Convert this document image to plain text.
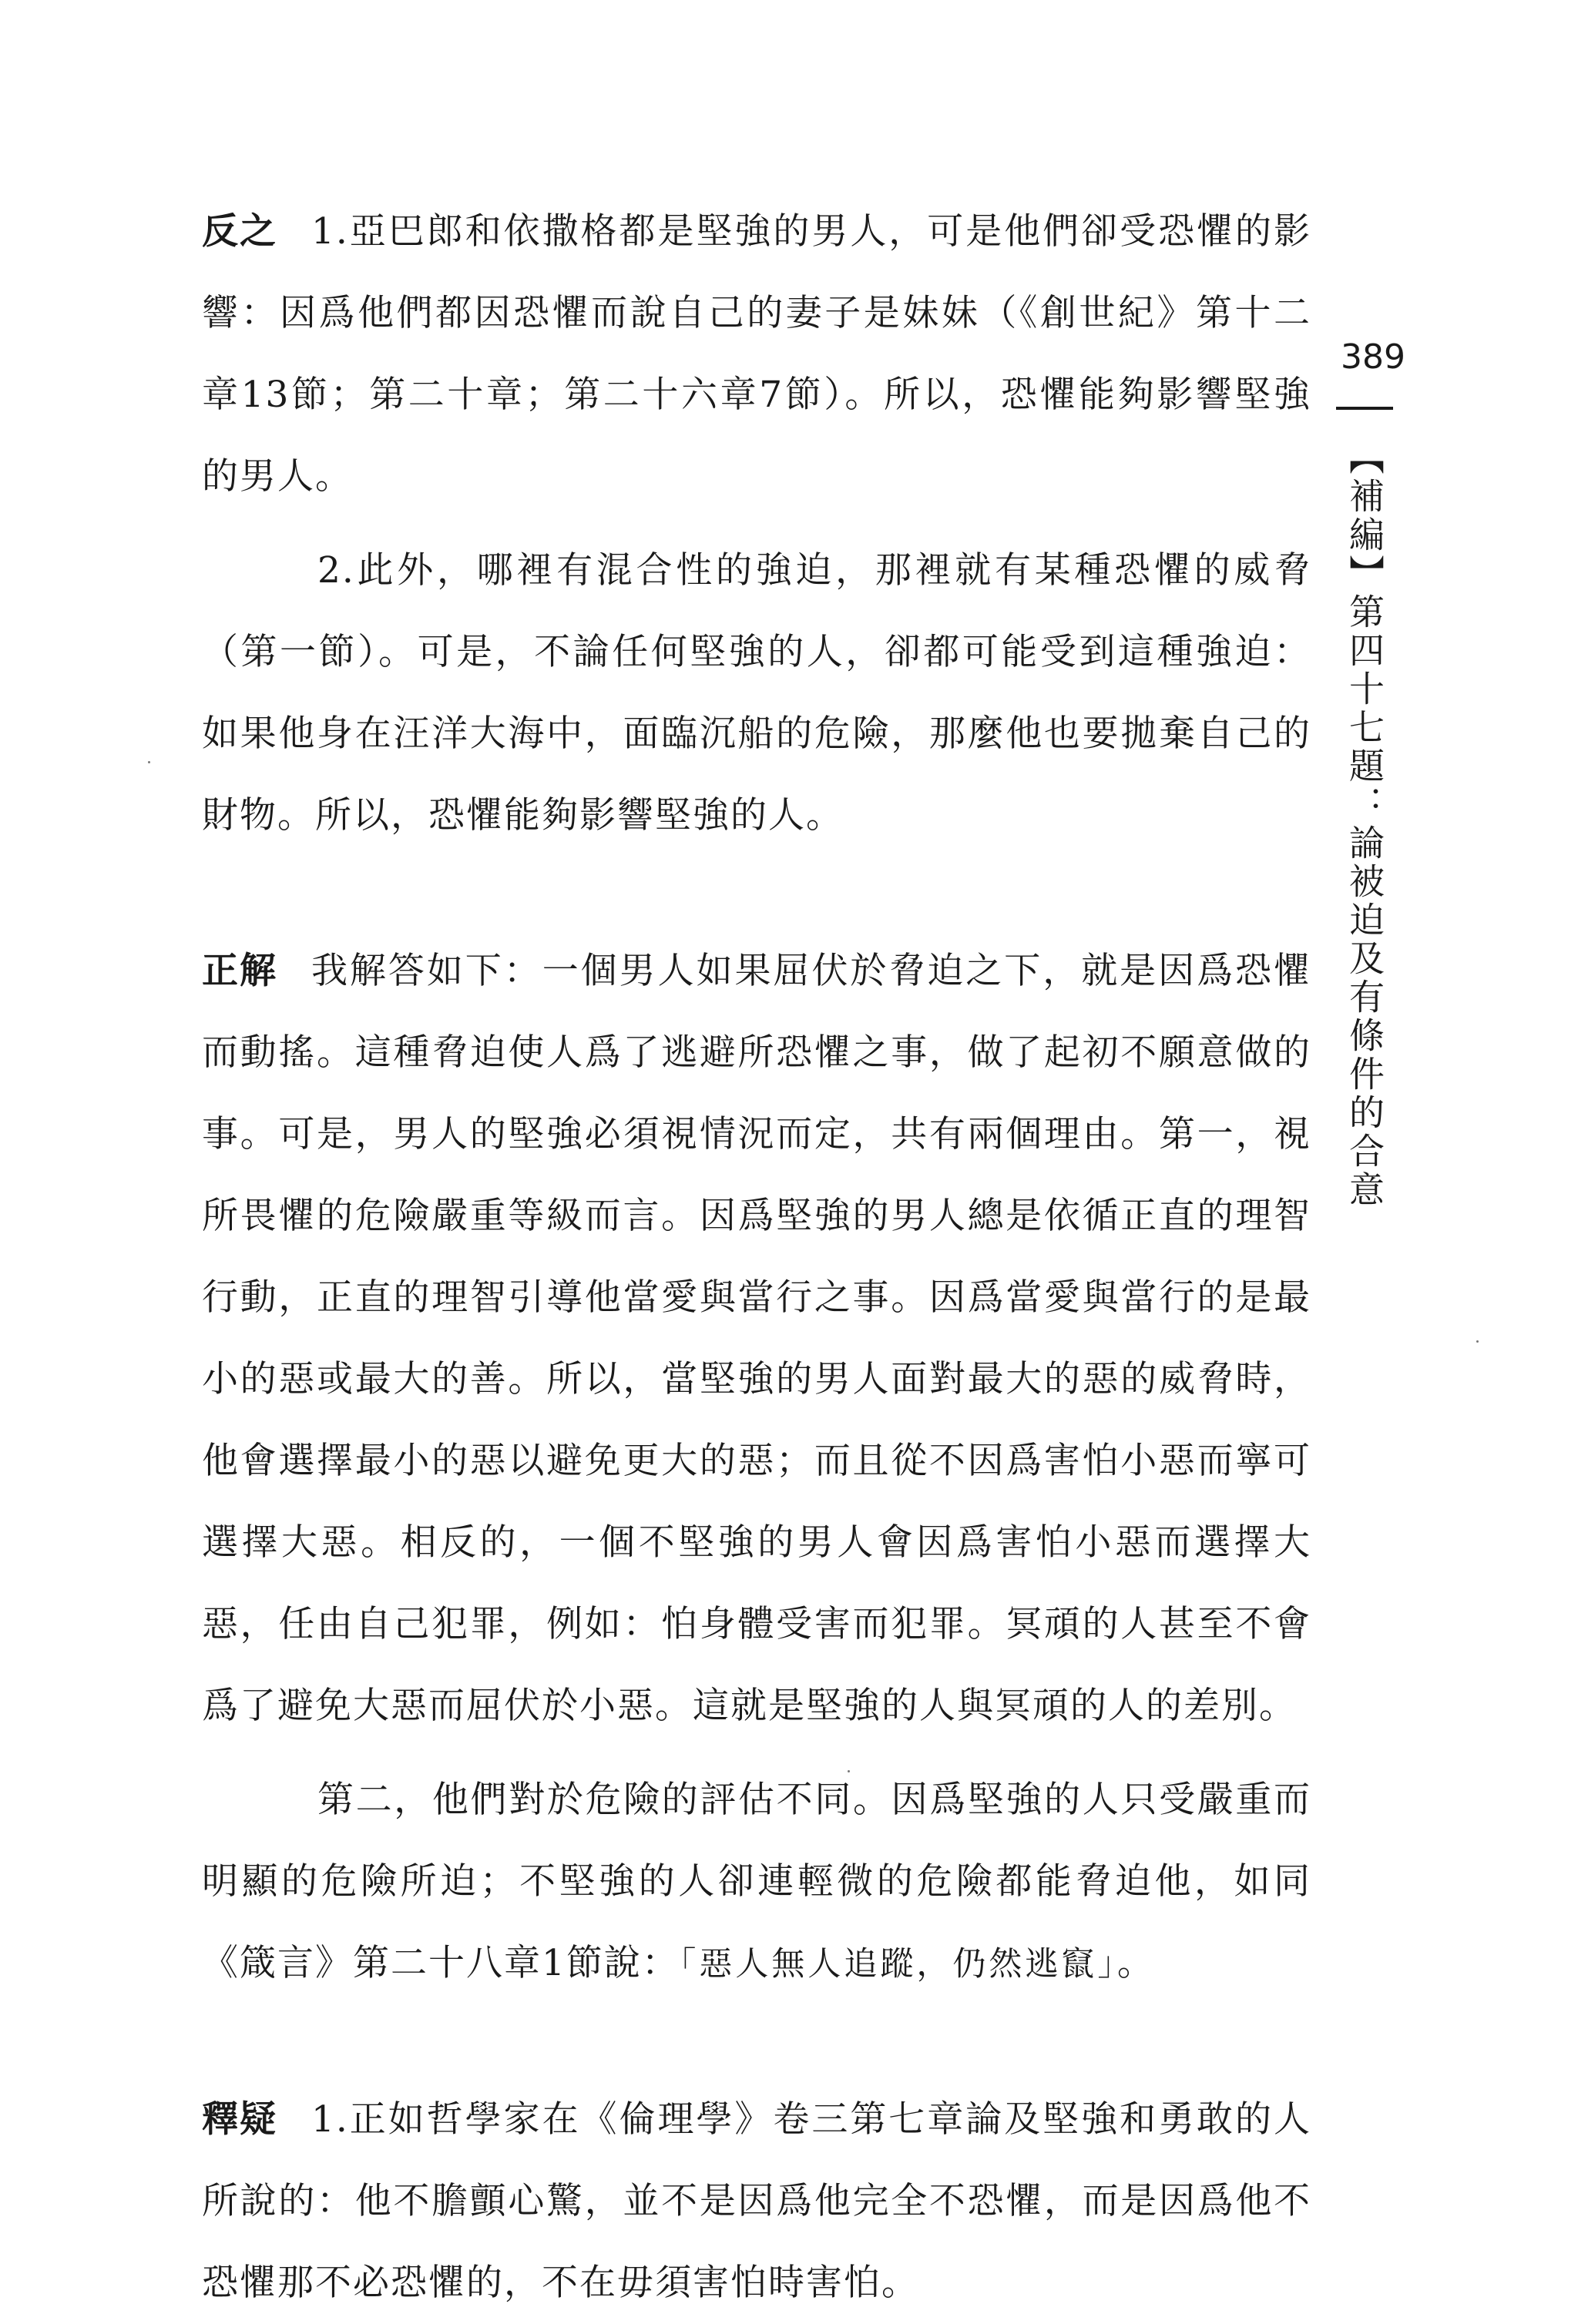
反之 1.亞巴郎和依撒格都是堅強的男人，可是他們卻受恐懼的影響：因爲他們都因恐懼而說自己的妻子是妹妹（《創世紀》第十二章13節；第二十章；第二十六章7節）。所以，恐懼能夠影響堅強的男人。

2.此外，哪裡有混合性的強迫，那裡就有某種恐懼的威脅（第一節）。可是，不論任何堅強的人，卻都可能受到這種強迫：如果他身在汪洋大海中，面臨沉船的危險，那麼他也要拋棄自己的財物。所以，恐懼能夠影響堅強的人。

正解 我解答如下：一個男人如果屈伏於脅迫之下，就是因爲恐懼而動搖。這種脅迫使人爲了逃避所恐懼之事，做了起初不願意做的事。可是，男人的堅強必須視情況而定，共有兩個理由。第一，視所畏懼的危險嚴重等級而言。因爲堅強的男人總是依循正直的理智行動，正直的理智引導他當愛與當行之事。因爲當愛與當行的是最小的惡或最大的善。所以，當堅強的男人面對最大的惡的威脅時，他會選擇最小的惡以避免更大的惡；而且從不因爲害怕小惡而寧可選擇大惡。相反的，一個不堅強的男人會因爲害怕小惡而選擇大惡，任由自己犯罪，例如：怕身體受害而犯罪。冥頑的人甚至不會爲了避免大惡而屈伏於小惡。這就是堅強的人與冥頑的人的差別。

第二，他們對於危險的評估不同。因爲堅強的人只受嚴重而明顯的危險所迫；不堅強的人卻連輕微的危險都能脅迫他，如同《箴言》第二十八章1節說：「惡人無人追蹤，仍然逃竄」。

釋疑 1.正如哲學家在《倫理學》卷三第七章論及堅強和勇敢的人所說的：他不膽顫心驚，並不是因爲他完全不恐懼，而是因爲他不恐懼那不必恐懼的，不在毋須害怕時害怕。

389
【補編】第四十七題：論被迫及有條件的合意
